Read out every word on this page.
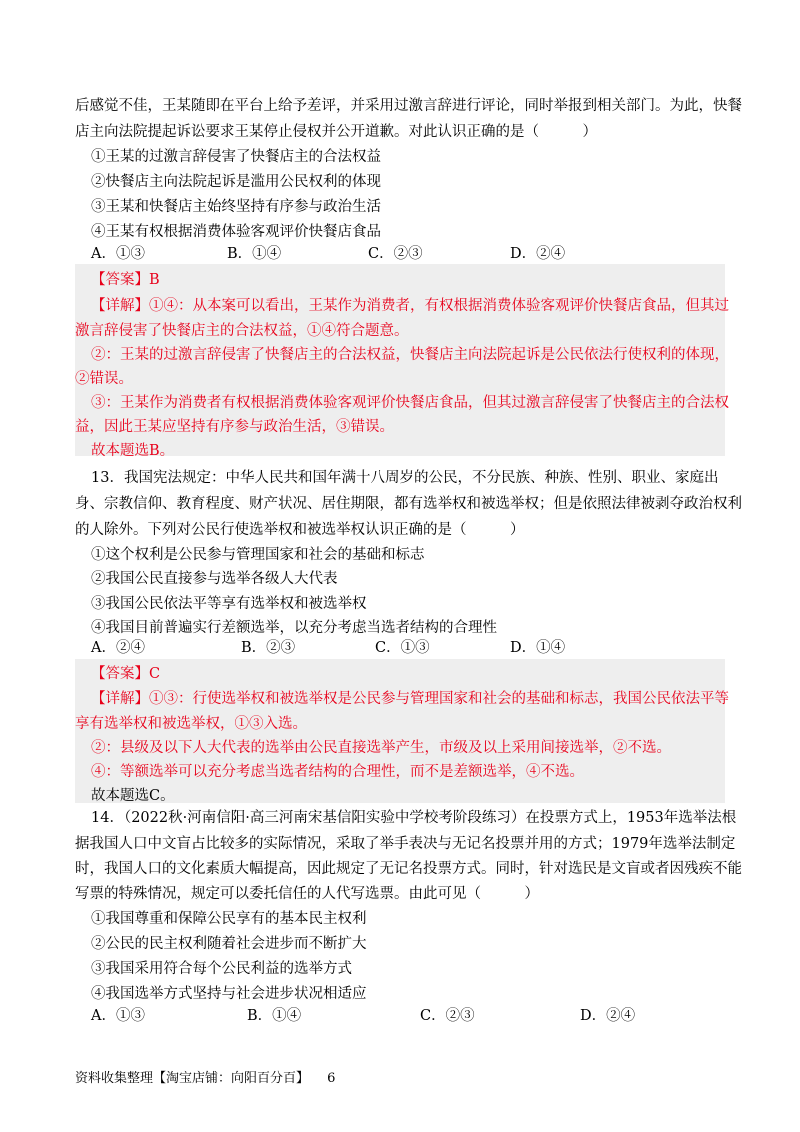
后感觉不佳，王某随即在平台上给予差评，并采用过激言辞进行评论，同时举报到相关部门。为此，快餐
店主向法院提起诉讼要求王某停止侵权并公开道歉。对此认识正确的是（　　　）
①王某的过激言辞侵害了快餐店主的合法权益
②快餐店主向法院起诉是滥用公民权利的体现
③王某和快餐店主始终坚持有序参与政治生活
④王某有权根据消费体验客观评价快餐店食品
A．①③	B．①④	C．②③	D．②④
【答案】B
【详解】①④：从本案可以看出，王某作为消费者，有权根据消费体验客观评价快餐店食品，但其过
激言辞侵害了快餐店主的合法权益，①④符合题意。
②：王某的过激言辞侵害了快餐店主的合法权益，快餐店主向法院起诉是公民依法行使权利的体现，
②错误。
③：王某作为消费者有权根据消费体验客观评价快餐店食品，但其过激言辞侵害了快餐店主的合法权
益，因此王某应坚持有序参与政治生活，③错误。
故本题选B。
13．我国宪法规定：中华人民共和国年满十八周岁的公民，不分民族、种族、性别、职业、家庭出
身、宗教信仰、教育程度、财产状况、居住期限，都有选举权和被选举权；但是依照法律被剥夺政治权利
的人除外。下列对公民行使选举权和被选举权认识正确的是（　　　）
①这个权利是公民参与管理国家和社会的基础和标志
②我国公民直接参与选举各级人大代表
③我国公民依法平等享有选举权和被选举权
④我国目前普遍实行差额选举，以充分考虑当选者结构的合理性
A．②④	B．②③	C．①③	D．①④
【答案】C
【详解】①③：行使选举权和被选举权是公民参与管理国家和社会的基础和标志，我国公民依法平等
享有选举权和被选举权，①③入选。
②：县级及以下人大代表的选举由公民直接选举产生，市级及以上采用间接选举，②不选。
④：等额选举可以充分考虑当选者结构的合理性，而不是差额选举，④不选。
故本题选C。
14．（2022秋·河南信阳·高三河南宋基信阳实验中学校考阶段练习）在投票方式上，1953年选举法根
据我国人口中文盲占比较多的实际情况，采取了举手表决与无记名投票并用的方式；1979年选举法制定
时，我国人口的文化素质大幅提高，因此规定了无记名投票方式。同时，针对选民是文盲或者因残疾不能
写票的特殊情况，规定可以委托信任的人代写选票。由此可见（　　　）
①我国尊重和保障公民享有的基本民主权利
②公民的民主权利随着社会进步而不断扩大
③我国采用符合每个公民利益的选举方式
④我国选举方式坚持与社会进步状况相适应
A．①③	B．①④	C．②③	D．②④
资料收集整理【淘宝店铺：向阳百分百】 6
